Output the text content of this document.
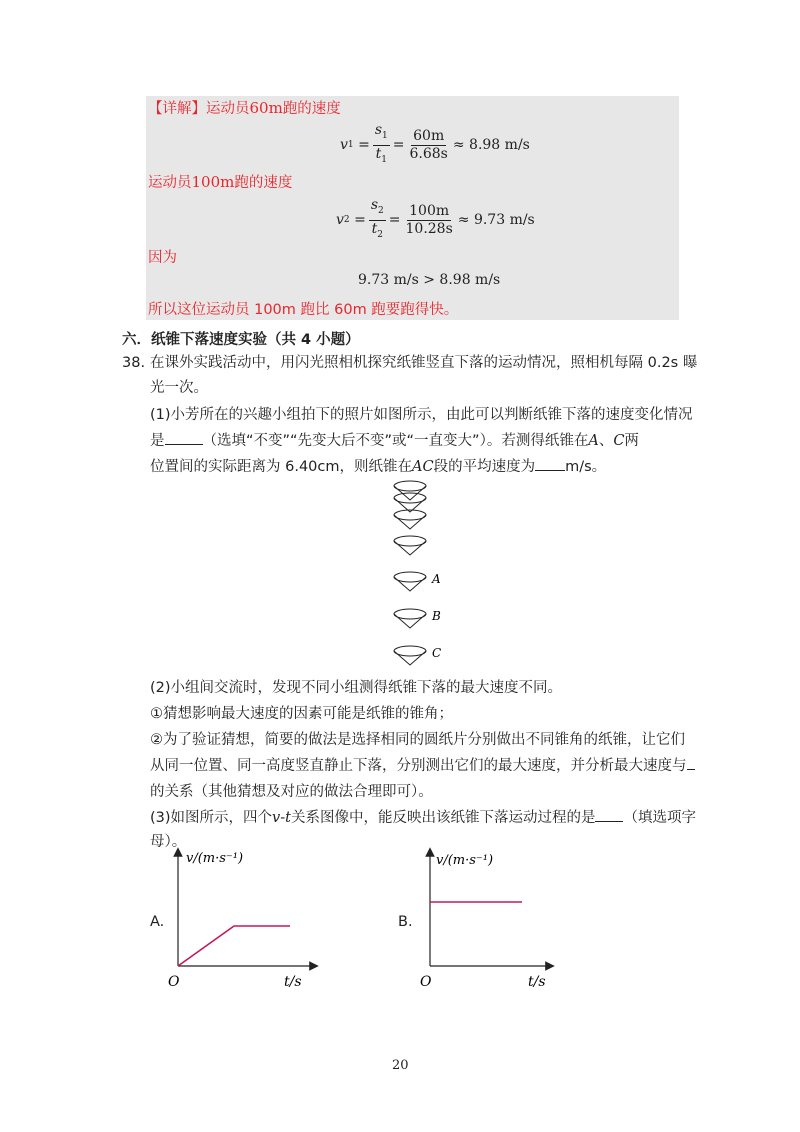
【详解】运动员60m跑的速度
v $1 = \frac{s_1}{t_1} = \frac{60m}{6.68s} \approx 8.98$ m/s
运动员100m跑的速度
v $2 = \frac{s_2}{t_2} = \frac{100m}{10.28s} \approx 9.73$ m/s
因为
9.73 m/s > 8.98 m/s
所以这位运动员 100m 跑比 60m 跑要跑得快。
六．纸锥下落速度实验（共 4 小题）
38. 在课外实践活动中，用闪光照相机探究纸锥竖直下落的运动情况，照相机每隔 0.2s 曝
光一次。
(1)小芳所在的兴趣小组拍下的照片如图所示，由此可以判断纸锥下落的速度变化情况
是	（选填“不变”“先变大后不变”或“一直变大”）。若测得纸锥在A、C两
位置间的实际距离为 6.40cm，则纸锥在AC段的平均速度为 m/s。
A
B
C
(2)小组间交流时，发现不同小组测得纸锥下落的最大速度不同。
①猜想影响最大速度的因素可能是纸锥的锥角；
②为了验证猜想，简要的做法是选择相同的圆纸片分别做出不同锥角的纸锥，让它们
从同一位置、同一高度竖直静止下落，分别测出它们的最大速度，并分析最大速度与
的关系（其他猜想及对应的做法合理即可）。
(3)如图所示，四个v-t关系图像中，能反映出该纸锥下落运动过程的是 （填选项字
母）。
A.
v/(m·s⁻¹)
O	t/s
B.
v/(m·s⁻¹)
O	t/s
20
